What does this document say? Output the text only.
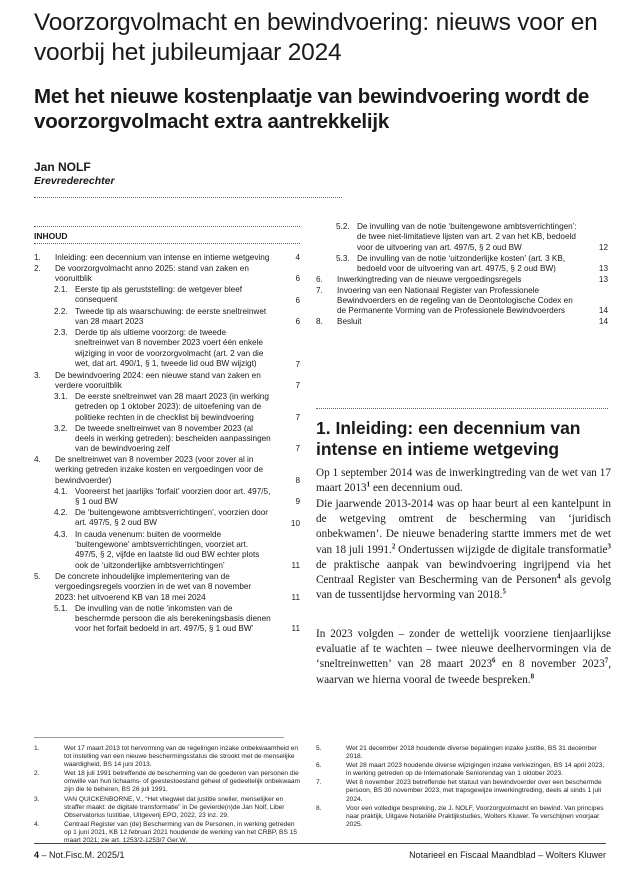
Voorzorgvolmacht en bewindvoering: nieuws voor en voorbij het jubileumjaar 2024
Met het nieuwe kostenplaatje van bewindvoering wordt de voorzorgvolmacht extra aantrekkelijk
Jan NOLF
Erevrederechter
INHOUD
1. Inleiding: een decennium van intense en intieme wetgeving	4
2. De voorzorgvolmacht anno 2025: stand van zaken en vooruitblik	6
2.1. Eerste tip als geruststelling: de wetgever bleef consequent	6
2.2. Tweede tip als waarschuwing: de eerste sneltreinwet van 28 maart 2023	6
2.3. Derde tip als ultieme voorzorg: de tweede sneltreinwet van 8 november 2023 voert één enkele wijziging in voor de voorzorgvolmacht (art. 2 van die wet, dat art. 490/1, § 1, tweede lid oud BW wijzigt)	7
3. De bewindvoering 2024: een nieuwe stand van zaken en verdere vooruitblik	7
3.1. De eerste sneltreinwet van 28 maart 2023 (in werking getreden op 1 oktober 2023): de uitoefening van de politieke rechten in de checklist bij bewindvoering	7
3.2. De tweede sneltreinwet van 8 november 2023 (al deels in werking getreden): bescheiden aanpassingen van de bewindvoering zelf	7
4. De sneltreinwet van 8 november 2023 (voor zover al in werking getreden inzake kosten en vergoedingen voor de bewindvoerder)	8
4.1. Vooreerst het jaarlijks ‘forfait’ voorzien door art. 497/5, § 1 oud BW	9
4.2. De ‘buitengewone ambtsverrichtingen’, voorzien door art. 497/5, § 2 oud BW	10
4.3. In cauda venenum: buiten de voormelde ‘buitengewone’ ambtsverrichtingen, voorziet art. 497/5, § 2, vijfde en laatste lid oud BW echter plots ook de ‘uitzonderlijke ambtsverrichtingen’	11
5. De concrete inhoudelijke implementering van de vergoedingsregels voorzien in de wet van 8 november 2023: het uitvoerend KB van 18 mei 2024	11
5.1. De invulling van de notie ‘inkomsten van de beschermde persoon die als berekeningsbasis dienen voor het forfait bedoeld in art. 497/5, § 1 oud BW’	11
5.2. De invulling van de notie ‘buitengewone ambtsverrichtingen’: de twee niet-limitatieve lijsten van art. 2 van het KB, bedoeld voor de uitvoering van art. 497/5, § 2 oud BW	12
5.3. De invulling van de notie ‘uitzonderlijke kosten’ (art. 3 KB, bedoeld voor de uitvoering van art. 497/5, § 2 oud BW)	13
6. Inwerkingtreding van de nieuwe vergoedingsregels	13
7. Invoering van een Nationaal Register van Professionele Bewindvoerders en de regeling van de Deontologische Codex en de Permanente Vorming van de Professionele Bewindvoerders	14
8. Besluit	14
1. Inleiding: een decennium van intense en intieme wetgeving

Op 1 september 2014 was de inwerkingtreding van de wet van 17 maart 2013$^1$ een decennium oud.

Die jaarwende 2013-2014 was op haar beurt al een kantelpunt in de wetgeving omtrent de bescherming van ‘juridisch onbekwamen’. De nieuwe benadering startte immers met de wet van 18 juli 1991.$^2$ Ondertussen wijzigde de digitale transformatie$^3$ de praktische aanpak van bewindvoering ingrijpend via het Centraal Register van Bescherming van de Personen$^4$ als gevolg van de tussentijdse hervorming van 2018.$^5$

In 2023 volgden – zonder de wettelijk voorziene tienjaarlijkse evaluatie af te wachten – twee nieuwe deelhervormingen via de ‘sneltreinwetten’ van 28 maart 2023$^6$ en 8 november 2023$^7$, waarvan we hierna vooral de tweede bespreken.$^8$

1.	Wet 17 maart 2013 tot hervorming van de regelingen inzake onbekwaamheid en tot instelling van een nieuwe beschermingsstatus die strookt met de menselijke waardigheid, BS 14 juni 2013.
2.	Wet 18 juli 1991 betreffende de bescherming van de goederen van personen die omwille van hun lichaams- of geestestoestand geheel of gedeeltelijk onbekwaam zijn die te beheren, BS 26 juli 1991.
3.	VAN QUICKENBORNE, V., “Het vliegwiel dat justitie sneller, menselijker en straffer maakt: de digitale transformatie” in De gevierde(n)de Jan Nolf, Liber Observatorius Iustitiae, Uitgeverij EPO, 2022, 23 inz. 29.
4.	Centraal Register van (de) Bescherming van de Personen, in werking getreden op 1 juni 2021, KB 12 februari 2021 houdende de werking van het CRBP, BS 15 maart 2021; zie art. 1253/2-1253/7 Ger.W.
5.	Wet 21 december 2018 houdende diverse bepalingen inzake justitie, BS 31 december 2018.
6.	Wet 28 maart 2023 houdende diverse wijzigingen inzake verkiezingen, BS 14 april 2023, in werking getreden op de Internationale Seniorendag van 1 oktober 2023.
7.	Wet 8 november 2023 betreffende het statuut van bewindvoerder over een beschermde persoon, BS 30 november 2023, met trapsgewijze inwerkingtreding, deels al sinds 1 juli 2024.
8.	Voor een volledige bespreking, zie J. NOLF, Voorzorgvolmacht en bewind. Van principes naar praktijk, Uitgave Notariële Praktijkstudies, Wolters Kluwer. Te verschijnen voorjaar 2025.
4 – Not.Fisc.M. 2025/1	Notarieel en Fiscaal Maandblad – Wolters Kluwer
